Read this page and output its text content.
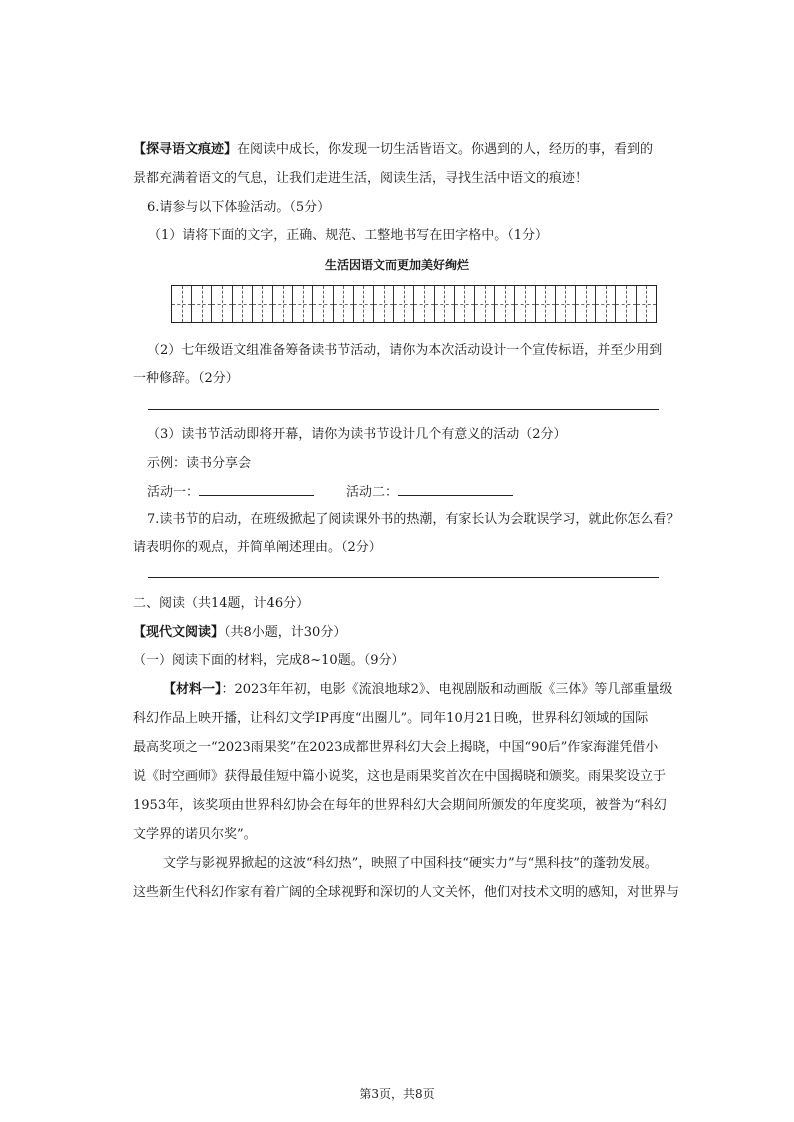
【探寻语文痕迹】在阅读中成长，你发现一切生活皆语文。你遇到的人，经历的事，看到的
景都充满着语文的气息，让我们走进生活，阅读生活，寻找生活中语文的痕迹！
6.请参与以下体验活动。（5分）
（1）请将下面的文字，正确、规范、工整地书写在田字格中。（1分）
生活因语文而更加美好绚烂
（2）七年级语文组准备筹备读书节活动，请你为本次活动设计一个宣传标语，并至少用到
一种修辞。（2分）
（3）读书节活动即将开幕，请你为读书节设计几个有意义的活动（2分）
示例：读书分享会
活动一：	活动二：
7.读书节的启动，在班级掀起了阅读课外书的热潮，有家长认为会耽误学习，就此你怎么看？
请表明你的观点，并简单阐述理由。（2分）
二、阅读（共14题，计46分）
【现代文阅读】（共8小题，计30分）
（一）阅读下面的材料，完成8~10题。（9分）
【材料一】：2023年年初，电影《流浪地球2》、电视剧版和动画版《三体》等几部重量级
科幻作品上映开播，让科幻文学IP再度“出圈儿”。同年10月21日晚，世界科幻领域的国际
最高奖项之一“2023雨果奖”在2023成都世界科幻大会上揭晓，中国“90后”作家海漄凭借小
说《时空画师》获得最佳短中篇小说奖，这也是雨果奖首次在中国揭晓和颁奖。雨果奖设立于
1953年，该奖项由世界科幻协会在每年的世界科幻大会期间所颁发的年度奖项，被誉为“科幻
文学界的诺贝尔奖”。
文学与影视界掀起的这波“科幻热”，映照了中国科技“硬实力”与“黑科技”的蓬勃发展。
这些新生代科幻作家有着广阔的全球视野和深切的人文关怀，他们对技术文明的感知，对世界与
第3页，共8页
